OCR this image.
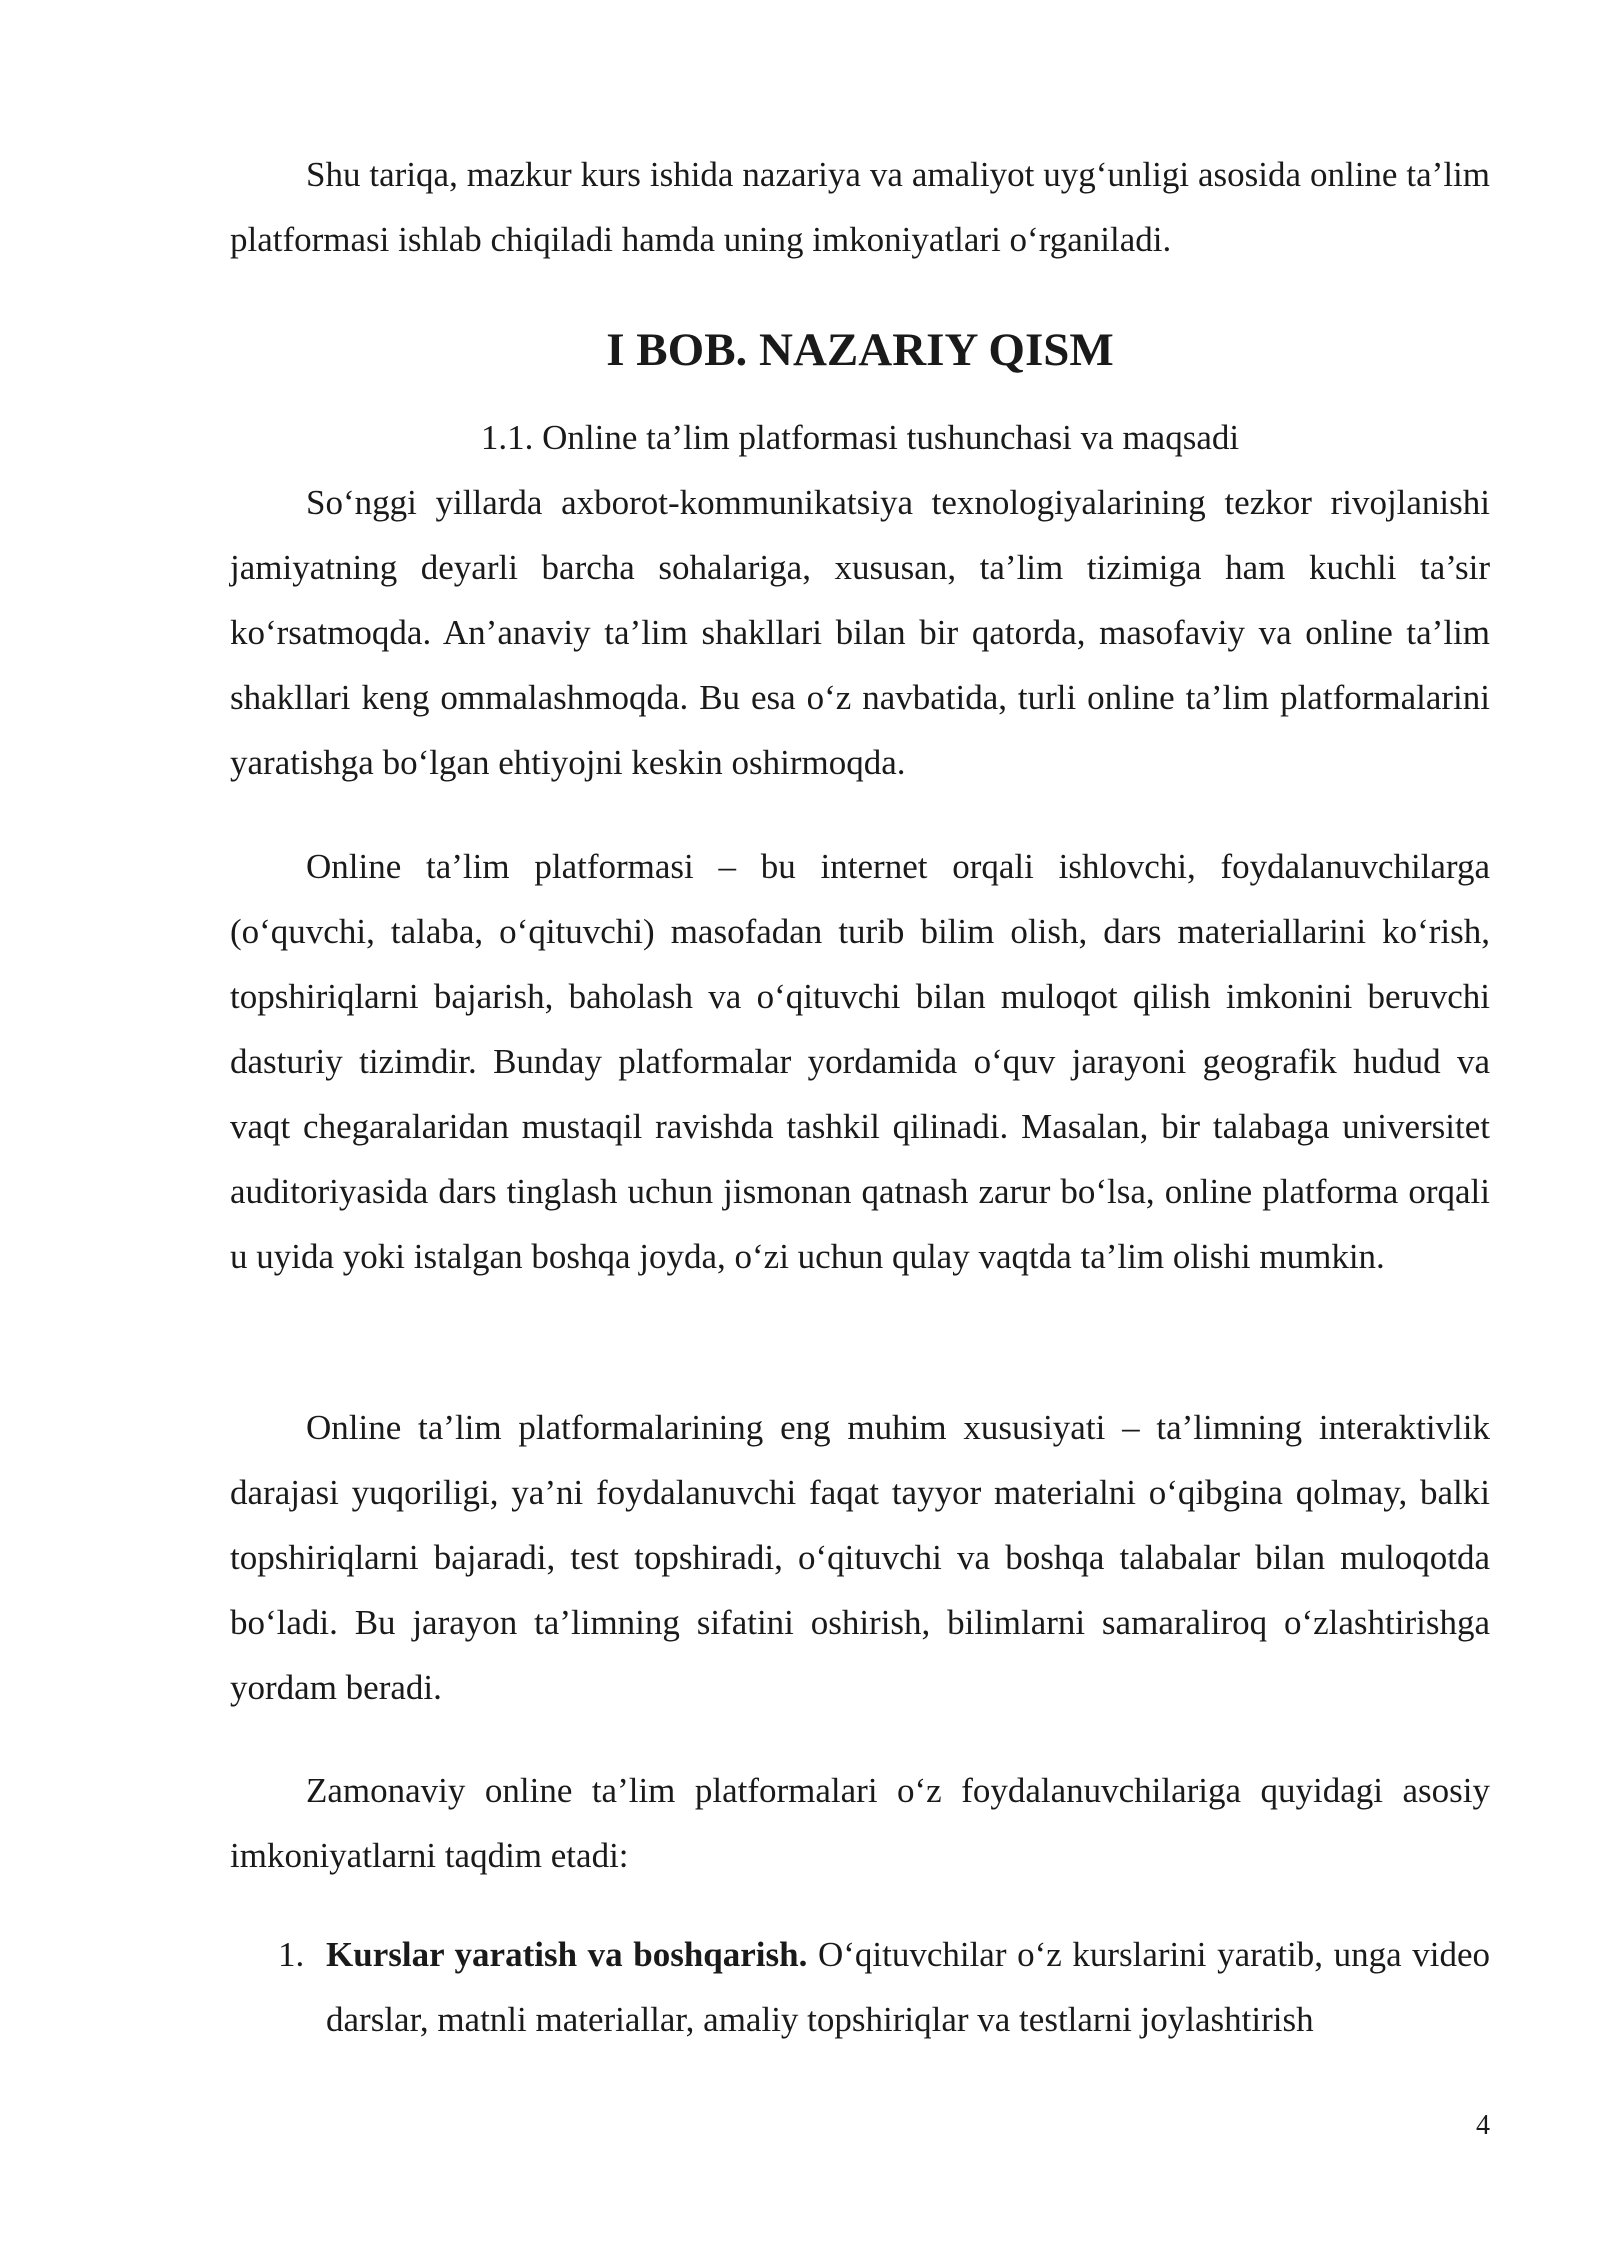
Shu tariqa, mazkur kurs ishida nazariya va amaliyot uyg‘unligi asosida online ta’lim platformasi ishlab chiqiladi hamda uning imkoniyatlari o‘rganiladi.

I BOB. NAZARIY QISM

1.1. Online ta’lim platformasi tushunchasi va maqsadi

So‘nggi yillarda axborot-kommunikatsiya texnologiyalarining tezkor rivojlanishi jamiyatning deyarli barcha sohalariga, xususan, ta’lim tizimiga ham kuchli ta’sir ko‘rsatmoqda. An’anaviy ta’lim shakllari bilan bir qatorda, masofaviy va online ta’lim shakllari keng ommalashmoqda. Bu esa o‘z navbatida, turli online ta’lim platformalarini yaratishga bo‘lgan ehtiyojni keskin oshirmoqda.

Online ta’lim platformasi – bu internet orqali ishlovchi, foydalanuvchilarga (o‘quvchi, talaba, o‘qituvchi) masofadan turib bilim olish, dars materiallarini ko‘rish, topshiriqlarni bajarish, baholash va o‘qituvchi bilan muloqot qilish imkonini beruvchi dasturiy tizimdir. Bunday platformalar yordamida o‘quv jarayoni geografik hudud va vaqt chegaralaridan mustaqil ravishda tashkil qilinadi. Masalan, bir talabaga universitet auditoriyasida dars tinglash uchun jismonan qatnash zarur bo‘lsa, online platforma orqali u uyida yoki istalgan boshqa joyda, o‘zi uchun qulay vaqtda ta’lim olishi mumkin.

Online ta’lim platformalarining eng muhim xususiyati – ta’limning interaktivlik darajasi yuqoriligi, ya’ni foydalanuvchi faqat tayyor materialni o‘qibgina qolmay, balki topshiriqlarni bajaradi, test topshiradi, o‘qituvchi va boshqa talabalar bilan muloqotda bo‘ladi. Bu jarayon ta’limning sifatini oshirish, bilimlarni samaraliroq o‘zlashtirishga yordam beradi.

Zamonaviy online ta’lim platformalari o‘z foydalanuvchilariga quyidagi asosiy imkoniyatlarni taqdim etadi:

1. Kurslar yaratish va boshqarish. O‘qituvchilar o‘z kurslarini yaratib, unga video darslar, matnli materiallar, amaliy topshiriqlar va testlarni joylashtirish
4
